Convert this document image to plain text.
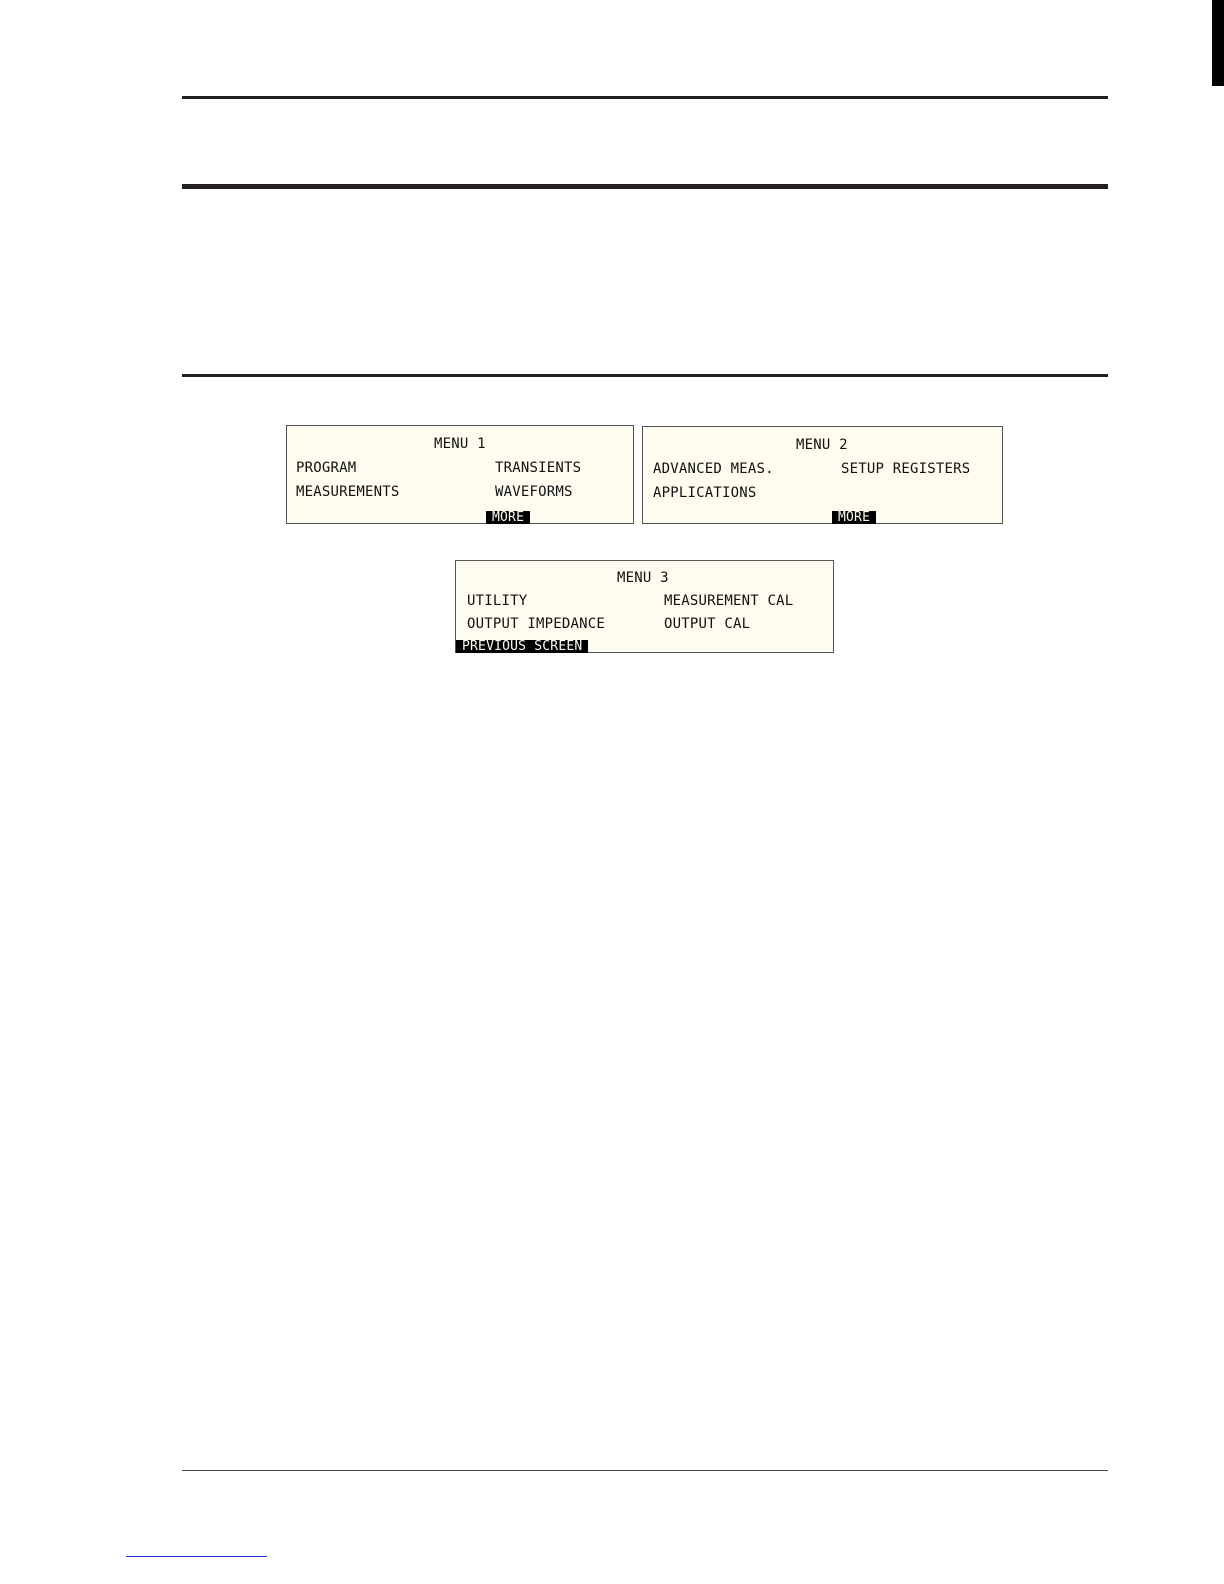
MENU 1
PROGRAM	TRANSIENTS
MEASUREMENTS	WAVEFORMS
MORE
MENU 2
ADVANCED MEAS.	SETUP REGISTERS
APPLICATIONS
MORE
MENU 3
UTILITY	MEASUREMENT CAL
OUTPUT IMPEDANCE	OUTPUT CAL
PREVIOUS SCREEN
